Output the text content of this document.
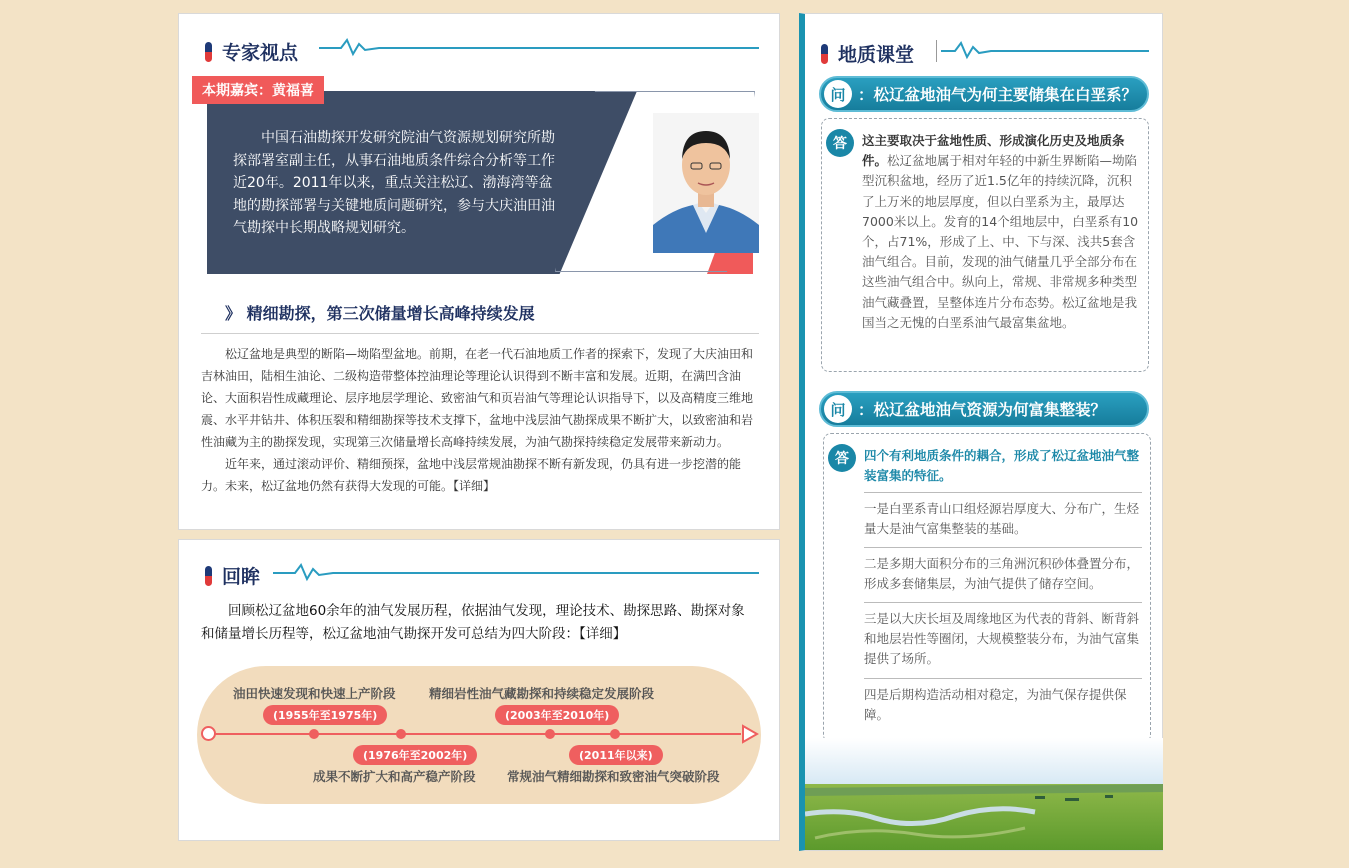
专家视点
本期嘉宾：黄福喜
中国石油勘探开发研究院油气资源规划研究所勘探部署室副主任，从事石油地质条件综合分析等工作近20年。2011年以来，重点关注松辽、渤海湾等盆地的勘探部署与关键地质问题研究，参与大庆油田油气勘探中长期战略规划研究。
》 精细勘探，第三次储量增长高峰持续发展

松辽盆地是典型的断陷—坳陷型盆地。前期，在老一代石油地质工作者的探索下，发现了大庆油田和吉林油田，陆相生油论、二级构造带整体控油理论等理论认识得到不断丰富和发展。近期，在满凹含油论、大面积岩性成藏理论、层序地层学理论、致密油气和页岩油气等理论认识指导下，以及高精度三维地震、水平井钻井、体积压裂和精细勘探等技术支撑下，盆地中浅层油气勘探成果不断扩大，以致密油和岩性油藏为主的勘探发现，实现第三次储量增长高峰持续发展，为油气勘探持续稳定发展带来新动力。

近年来，通过滚动评价、精细预探，盆地中浅层常规油勘探不断有新发现，仍具有进一步挖潜的能力。未来，松辽盆地仍然有获得大发现的可能。【详细】

回眸
回顾松辽盆地60余年的油气发展历程，依据油气发现，理论技术、勘探思路、勘探对象和储量增长历程等，松辽盆地油气勘探开发可总结为四大阶段：【详细】
油田快速发现和快速上产阶段
(1955年至1975年)
精细岩性油气藏勘探和持续稳定发展阶段
(2003年至2010年)
(1976年至2002年)
成果不断扩大和高产稳产阶段
(2011年以来)
常规油气精细勘探和致密油气突破阶段
地质课堂
问 ：松辽盆地油气为何主要储集在白垩系？
答	这主要取决于盆地性质、形成演化历史及地质条件。松辽盆地属于相对年轻的中新生界断陷—坳陷型沉积盆地，经历了近1.5亿年的持续沉降，沉积了上万米的地层厚度，但以白垩系为主，最厚达7000米以上。发育的14个组地层中，白垩系有10个，占71%，形成了上、中、下与深、浅共5套含油气组合。目前，发现的油气储量几乎全部分布在这些油气组合中。纵向上，常规、非常规多种类型油气藏叠置，呈整体连片分布态势。松辽盆地是我国当之无愧的白垩系油气最富集盆地。
问 ：松辽盆地油气资源为何富集整装？
答	四个有利地质条件的耦合，形成了松辽盆地油气整装富集的特征。
一是白垩系青山口组烃源岩厚度大、分布广，生烃量大是油气富集整装的基础。
二是多期大面积分布的三角洲沉积砂体叠置分布，形成多套储集层，为油气提供了储存空间。
三是以大庆长垣及周缘地区为代表的背斜、断背斜和地层岩性等圈闭，大规模整装分布，为油气富集提供了场所。
四是后期构造活动相对稳定，为油气保存提供保障。
